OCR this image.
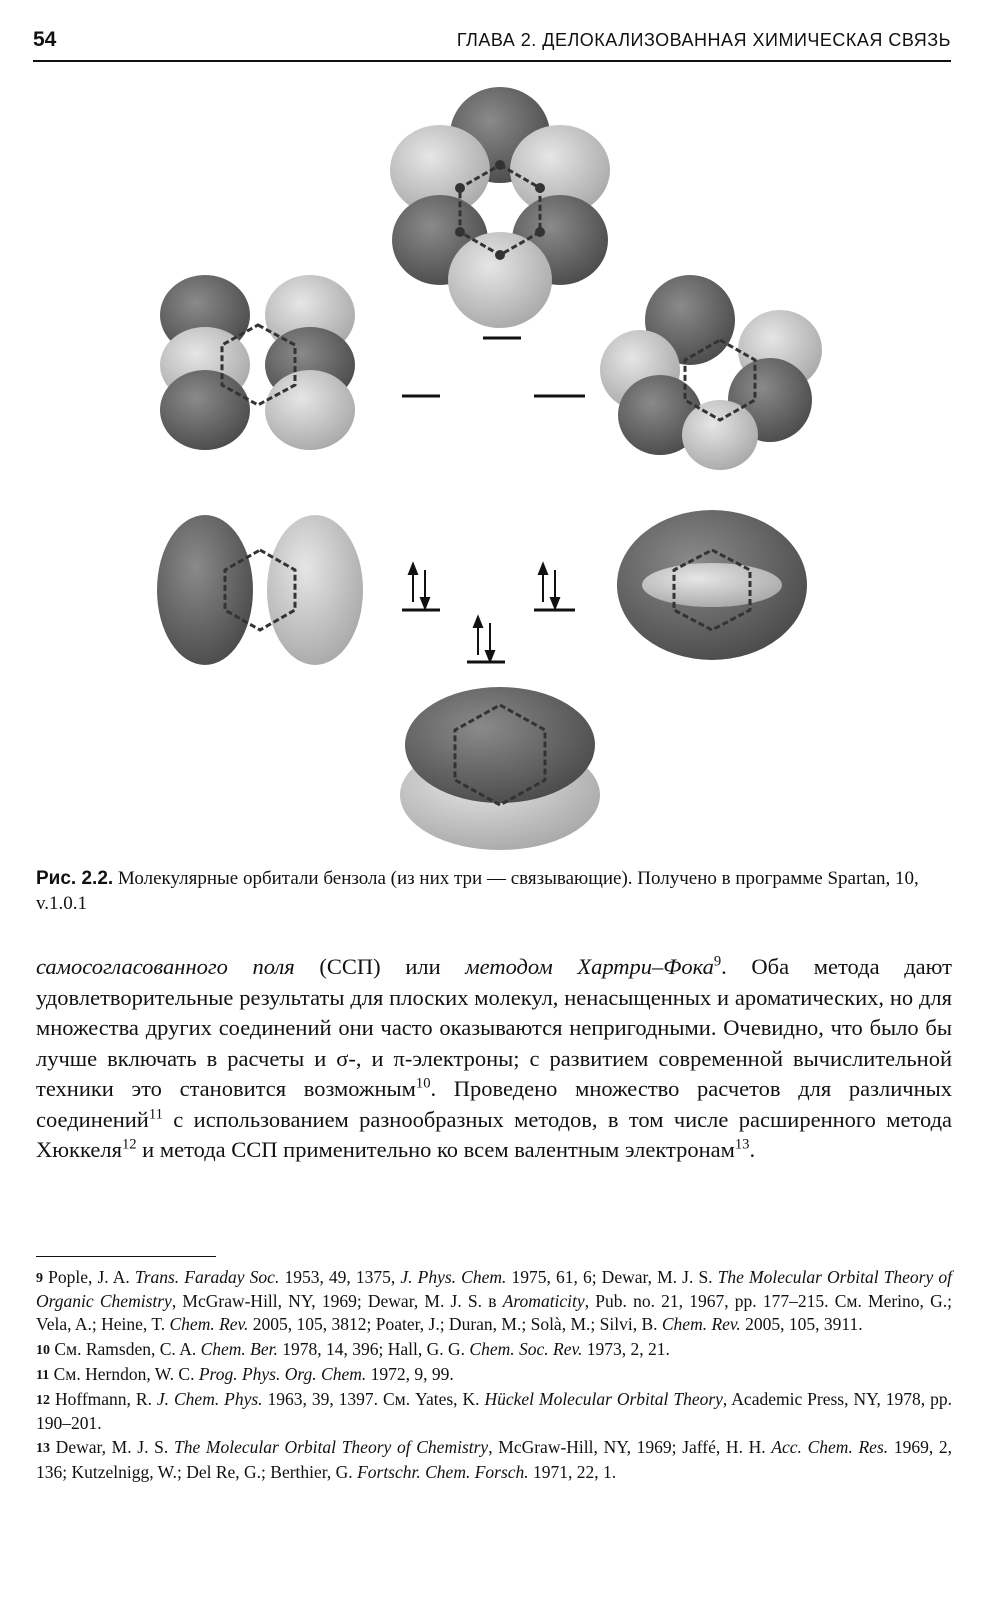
54	ГЛАВА 2. ДЕЛОКАЛИЗОВАННАЯ ХИМИЧЕСКАЯ СВЯЗЬ
Рис. 2.2. Молекулярные орбитали бензола (из них три — связывающие). Получено в программе Spartan, 10, v.1.0.1
самосогласованного поля (ССП) или методом Хартри–Фока$^9$. Оба метода дают удовлетворительные результаты для плоских молекул, ненасыщенных и ароматических, но для множества других соединений они часто оказываются непригодными. Очевидно, что было бы лучше включать в расчеты и σ-, и π-электроны; с развитием современной вычислительной техники это становится возможным$^{10}$. Проведено множество расчетов для различных соединений$^{11}$ с использованием разнообразных методов, в том числе расширенного метода Хюккеля$^{12}$ и метода ССП применительно ко всем валентным электронам$^{13}$.
9 Pople, J. A. Trans. Faraday Soc. 1953, 49, 1375, J. Phys. Chem. 1975, 61, 6; Dewar, M. J. S. The Molecular Orbital Theory of Organic Chemistry, McGraw-Hill, NY, 1969; Dewar, M. J. S. в Aromaticity, Pub. no. 21, 1967, pp. 177–215. См. Merino, G.; Vela, A.; Heine, T. Chem. Rev. 2005, 105, 3812; Poater, J.; Duran, M.; Solà, M.; Silvi, B. Chem. Rev. 2005, 105, 3911.
10 См. Ramsden, C. A. Chem. Ber. 1978, 14, 396; Hall, G. G. Chem. Soc. Rev. 1973, 2, 21.
11 См. Herndon, W. C. Prog. Phys. Org. Chem. 1972, 9, 99.
12 Hoffmann, R. J. Chem. Phys. 1963, 39, 1397. См. Yates, K. Hückel Molecular Orbital Theory, Academic Press, NY, 1978, pp. 190–201.
13 Dewar, M. J. S. The Molecular Orbital Theory of Chemistry, McGraw-Hill, NY, 1969; Jaffé, H. H. Acc. Chem. Res. 1969, 2, 136; Kutzelnigg, W.; Del Re, G.; Berthier, G. Fortschr. Chem. Forsch. 1971, 22, 1.
